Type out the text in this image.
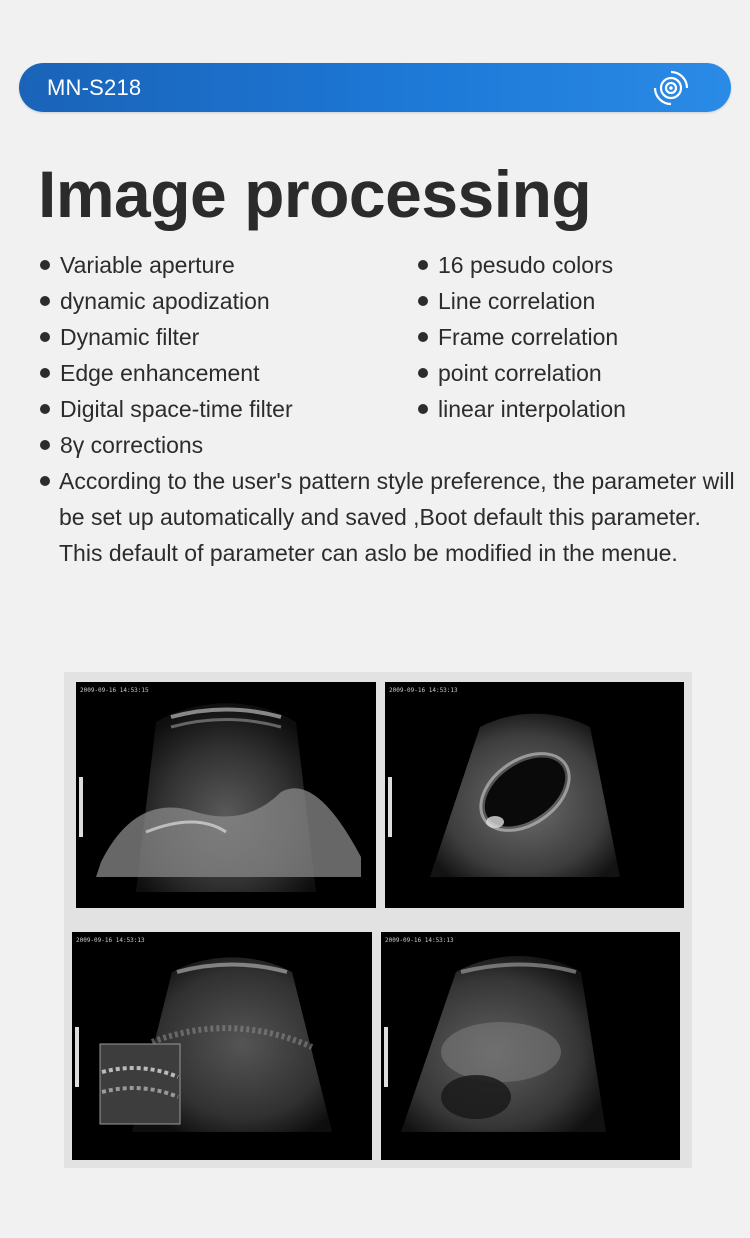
MN-S218
Image processing
Variable aperture
dynamic apodization
Dynamic filter
Edge enhancement
Digital space-time filter
8γ corrections
16 pesudo colors
Line correlation
Frame correlation
point correlation
linear interpolation

According to the user's pattern style preference, the parameter will be set up automatically and saved ,Boot default this parameter. This default of parameter can aslo be modified in the menue.

2009-09-16 14:53:15	2009-09-16 14:53:13
2009-09-16 14:53:13	2009-09-16 14:53:13
